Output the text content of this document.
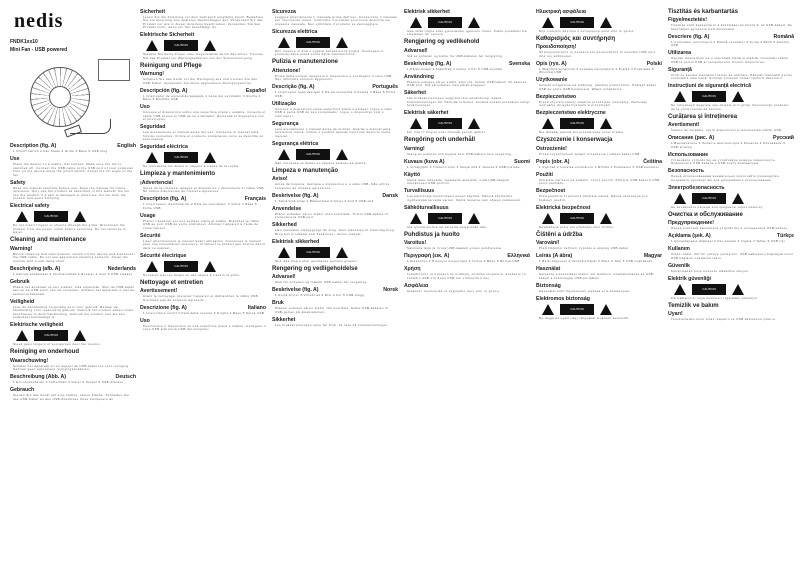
nedis
FNDK1xx10
Mini Fan - USB powered
Description (fig. A)	English

1 On/off switch 2 Fan blade 3 Grille 4 Base 5 USB plug

Use

Place the device on a stable, flat surface. Make sure the fan is switched off. Connect the USB cable to the USB port of your computer. Turn on the device using the on/off switch. Adjust the tilt angle of the fan.

Safety

Read the manual carefully before use. Keep the manual for future reference. Only use the product as described in this manual. Do not use the product if a part is damaged or defective. Do not drop the product and avoid bumping.

Electrical safety
CAUTION

Do not insert fingers or objects through the grille. Disconnect the product from the power outlet before servicing. Do not immerse in water.

Cleaning and maintenance
Warning!

Before cleaning and maintenance, switch off the device and disconnect the USB cable. Do not use aggressive cleaning solvents. Clean the outside with a soft damp cloth.

Beschrijving (afb. A)	Nederlands

1 Aan/uit-schakelaar 2 Ventilatorblad 3 Rooster 4 Voet 5 USB-stekker

Gebruik

Plaats het apparaat op een stabiel, vlak oppervlak. Sluit de USB-kabel aan op de USB-poort van uw computer. Schakel het apparaat in met de aan/uit-schakelaar.

Veiligheid

Lees de handleiding zorgvuldig door voor gebruik. Bewaar de handleiding voor toekomstig gebruik. Gebruik het product alleen zoals beschreven in deze handleiding. Gebruik het product niet als een onderdeel beschadigd is.

Elektrische veiligheid
CAUTION

Steek geen vingers of voorwerpen door het rooster.

Reiniging en onderhoud
Waarschuwing!

Schakel het apparaat uit en koppel de USB-kabel los voor reiniging. Gebruik geen agressieve reinigingsmiddelen.

Beschreibung (Abb. A)	Deutsch

1 Ein-/Ausschalter 2 Lüfterblatt 3 Gitter 4 Sockel 5 USB-Stecker

Gebrauch

Stellen Sie das Gerät auf eine stabile, ebene Fläche. Schließen Sie das USB-Kabel an den USB-Anschluss Ihres Computers an.

Sicherheit

Lesen Sie die Anleitung vor dem Gebrauch sorgfältig durch. Bewahren Sie die Anleitung zum späteren Nachschlagen auf. Verwenden Sie das Produkt nur wie in dieser Anleitung beschrieben. Verwenden Sie das Produkt nicht, wenn ein Teil beschädigt ist.

Elektrische Sicherheit
CAUTION

Stecken Sie keine Finger oder Gegenstände durch das Gitter. Trennen Sie das Produkt vor Wartungsarbeiten von der Stromversorgung.

Reinigung und Pflege
Warnung!

Schalten Sie das Gerät vor der Reinigung aus und trennen Sie das USB-Kabel. Verwenden Sie keine aggressiven Reinigungsmittel.

Descripción (fig. A)	Español

1 Interruptor de encendido/apagado 2 Aspa del ventilador 3 Rejilla 4 Base 5 Enchufe USB

Uso

Coloque el dispositivo sobre una superficie plana y estable. Conecte el cable USB al puerto USB de su ordenador. Encienda el dispositivo con el interruptor.

Seguridad

Lea atentamente el manual antes del uso. Conserve el manual para futuras consultas. Utilice el producto únicamente como se describe en este manual.

Seguridad eléctrica
CAUTION

No introduzca los dedos ni objetos a través de la rejilla.

Limpieza y mantenimiento
¡Advertencia!

Antes de la limpieza, apague el dispositivo y desconecte el cable USB. No utilice disolventes de limpieza agresivos.

Description (fig. A)	Français

1 Interrupteur marche/arrêt 2 Pale du ventilateur 3 Grille 4 Base 5 Fiche USB

Usage

Placez l'appareil sur une surface plane et stable. Branchez le câble USB au port USB de votre ordinateur. Allumez l'appareil à l'aide de l'interrupteur.

Sécurité

Lisez attentivement le manuel avant utilisation. Conservez le manuel pour une consultation ultérieure. N'utilisez le produit que comme décrit dans ce manuel.

Sécurité électrique
CAUTION

N'insérez pas les doigts ou des objets à travers la grille.

Nettoyage et entretien
Avertissement!

Avant le nettoyage, éteignez l'appareil et débranchez le câble USB. N'utilisez pas de solvants agressifs.

Descrizione (fig. A)	Italiano

1 Interruttore on/off 2 Pala della ventola 3 Griglia 4 Base 5 Spina USB

Uso

Posizionare il dispositivo su una superficie piana e stabile. Collegare il cavo USB alla porta USB del computer.

Sicurezza

Leggere attentamente il manuale prima dell'uso. Conservare il manuale per riferimento futuro. Utilizzare il prodotto solo come descritto nel presente manuale. Non utilizzare il prodotto se danneggiato.

Sicurezza elettrica
CAUTION

Non inserire le dita o oggetti attraverso la griglia. Scollegare il prodotto dalla presa prima della manutenzione.

Pulizia e manutenzione
Attenzione!

Prima della pulizia, spegnere il dispositivo e scollegare il cavo USB. Non utilizzare solventi aggressivi.

Descrição (fig. A)	Português

1 Interruptor ligar/desligar 2 Pá da ventoinha 3 Grelha 4 Base 5 Ficha USB

Utilização

Coloque o dispositivo numa superfície plana e estável. Ligue o cabo USB à porta USB do seu computador. Ligue o dispositivo com o interruptor.

Segurança

Leia atentamente o manual antes de utilizar. Guarde o manual para referência futura. Utilize o produto apenas conforme descrito neste manual.

Segurança elétrica
CAUTION

Não introduza os dedos ou objetos através da grelha.

Limpeza e manutenção
Aviso!

Antes da limpeza, desligue o dispositivo e o cabo USB. Não utilize solventes de limpeza agressivos.

Beskrivelse (fig. A)	Dansk

1 Tænd/sluk-knap 2 Blæserblad 3 Gitter 4 Fod 5 USB-stik

Anvendelse

Placer enheden på en stabil, plan overflade. Tilslut USB-kablet til computerens USB-port.

Sikkerhed

Læs manualen omhyggeligt før brug. Gem manualen til fremtidig brug. Brug kun produktet som beskrevet i denne manual.

Elektrisk sikkerhed
CAUTION

Stik ikke fingre eller genstande gennem gitteret.

Rengøring og vedligeholdelse
Advarsel!

Sluk for enheden og frakobl USB-kablet før rengøring.

Beskrivelse (fig. A)	Norsk

1 Av/på-bryter 2 Viftebl ad 3 Rist 4 Fot 5 USB-plugg

Bruk

Plasser enheten på en stabil, flat overflate. Koble USB-kabelen til USB-porten på datamaskinen.

Sikkerhet

Les bruksanvisningen nøye før bruk. Ta vare på bruksanvisningen.

Elektrisk sikkerhet
CAUTION

Ikke stikk fingre eller gjenstander gjennom risten. Koble produktet fra strømmen før service.

Rengjøring og vedlikehold
Advarsel!

Slå av enheten og koble fra USB-kabelen før rengjøring.

Beskrivning (fig. A)	Svenska

1 På/av-knapp 2 Fläktblad 3 Galler 4 Fot 5 USB-kontakt

Användning

Placera enheten på en stabil, plan yta. Anslut USB-kabeln till datorns USB-port. Slå på enheten med på/av-knappen.

Säkerhet

Läs bruksanvisningen noggrant före användning. Spara bruksanvisningen för framtida referens. Använd endast produkten enligt beskrivningen.

Elektrisk säkerhet
CAUTION

För inte in fingrar eller föremål genom gallret.

Rengöring och underhåll
Varning!

Stäng av enheten och koppla bort USB-kabeln före rengöring.

Kuvaus (kuva A)	Suomi

1 Virtakytkin 2 Tuuletin siipi 3 Suojaritilä 4 Jalusta 5 USB-pistoke

Käyttö

Aseta laite tukevalle, tasaiselle alustalle. Liitä USB-kaapeli tietokoneen USB-porttiin.

Turvallisuus

Lue käyttöohje huolellisesti ennen käyttöä. Säilytä käyttöohje myöhempää tarvetta varten. Käytä tuotetta vain ohjeen mukaisesti.

Sähköturvallisuus
CAUTION

Älä työnnä sormia tai esineitä suojaritilän läpi.

Puhdistus ja huolto
Varoitus!

Sammuta laite ja irrota USB-kaapeli ennen puhdistusta.

Περιγραφή (εικ. A)	Ελληνικά

1 Διακόπτης 2 Πτερύγιο ανεμιστήρα 3 Γρίλια 4 Βάση 5 Βύσμα USB

Χρήση

Τοποθετήστε τη συσκευή σε σταθερή, επίπεδη επιφάνεια. Συνδέστε το καλώδιο USB στη θύρα USB του υπολογιστή σας.

Ασφάλεια

Διαβάστε προσεκτικά το εγχειρίδιο πριν από τη χρήση.

Ηλεκτρική ασφάλεια
CAUTION

Μην εισάγετε δάχτυλα ή αντικείμενα μέσα από τη γρίλια.

Καθαρισμός και συντήρηση
Προειδοποίηση!

Απενεργοποιήστε τη συσκευή και αποσυνδέστε το καλώδιο USB πριν από τον καθαρισμό.

Opis (rys. A)	Polski

1 Włącznik/wyłącznik 2 Łopatka wentylatora 3 Kratka 4 Podstawa 5 Wtyczka USB

Użytkowanie

Umieść urządzenie na stabilnej, płaskiej powierzchni. Podłącz kabel USB do portu USB komputera. Włącz urządzenie.

Bezpieczeństwo

Przed użyciem należy uważnie przeczytać instrukcję. Zachowaj instrukcję do wykorzystania w przyszłości.

Bezpieczeństwo elektryczne
CAUTION

Nie wkładaj palców ani przedmiotów przez kratkę.

Czyszczenie i konserwacja
Ostrzeżenie!

Przed czyszczeniem wyłącz urządzenie i odłącz kabel USB.

Popis (obr. A)	Čeština

1 Vypínač 2 Lopatka ventilátoru 3 Mřížka 4 Podstavec 5 USB konektor

Použití

Umístěte zařízení na stabilní, rovný povrch. Připojte USB kabel k USB portu počítače.

Bezpečnost

Před použitím si pozorně přečtěte návod. Návod uschovejte pro budoucí použití.

Elektrická bezpečnost
CAUTION

Nevkládejte prsty ani předměty skrz mřížku.

Čištění a údržba
Varování!

Před čištěním zařízení vypněte a odpojte USB kabel.

Leírás (A ábra)	Magyar

1 Be/ki kapcsoló 2 Ventilátorlapát 3 Rács 4 Talp 5 USB csatlakozó

Használat

Helyezze a készüléket stabil, sík felületre. Csatlakoztassa az USB-kábelt a számítógép USB-portjához.

Biztonság

Használat előtt figyelmesen olvassa el a kézikönyvet.

Elektromos biztonság
CAUTION

Ne dugja az ujjait vagy tárgyakat a rácson keresztül.

Tisztítás és karbantartás
Figyelmeztetés!

Tisztítás előtt kapcsolja ki a készüléket és húzza ki az USB-kábelt. Ne használjon agresszív tisztítószereket.

Descriere (fig. A)	Română

1 Comutator pornit/oprit 2 Paletă ventilator 3 Grilaj 4 Bază 5 Ștecher USB

Utilizarea

Așezați dispozitivul pe o suprafață plană și stabilă. Conectați cablul USB la portul USB al computerului. Porniți dispozitivul.

Siguranță

Citiți cu atenție manualul înainte de utilizare. Păstrați manualul pentru consultare ulterioară. Utilizați produsul numai conform descrierii.

Instrucțiuni de siguranță electrică
CAUTION

Nu introduceți degetele sau obiecte prin grilaj. Deconectați produsul de la priză înainte de service.

Curățarea și întreținerea
Avertisment!

Înainte de curățare, opriți dispozitivul și deconectați cablul USB.

Описание (рис. A)	Русский

1 Выключатель 2 Лопасть вентилятора 3 Решетка 4 Основание 5 USB-штекер

Использование

Установите устройство на устойчивую ровную поверхность. Подключите USB-кабель к USB-порту компьютера.

Безопасность

Перед использованием внимательно прочитайте руководство. Сохраните руководство для дальнейшего использования.

Электробезопасность
CAUTION

Не вставляйте пальцы или предметы через решетку.

Очистка и обслуживание
Предупреждение!

Перед очисткой выключите устройство и отсоедините USB-кабель.

Açıklama (şek. A)	Türkçe

1 Açma/kapama düğmesi 2 Fan kanadı 3 Izgara 4 Taban 5 USB fişi

Kullanım

Cihazı sabit, düz bir yüzeye yerleştirin. USB kablosunu bilgisayarınızın USB bağlantı noktasına takın.

Güvenlik

Kullanmadan önce kılavuzu dikkatlice okuyun.

Elektrik güvenliği
CAUTION

Parmaklarınızı veya nesneleri ızgaradan sokmayın.

Temizlik ve bakım
Uyarı!

Temizlemeden önce cihazı kapatın ve USB kablosunu çıkarın.
